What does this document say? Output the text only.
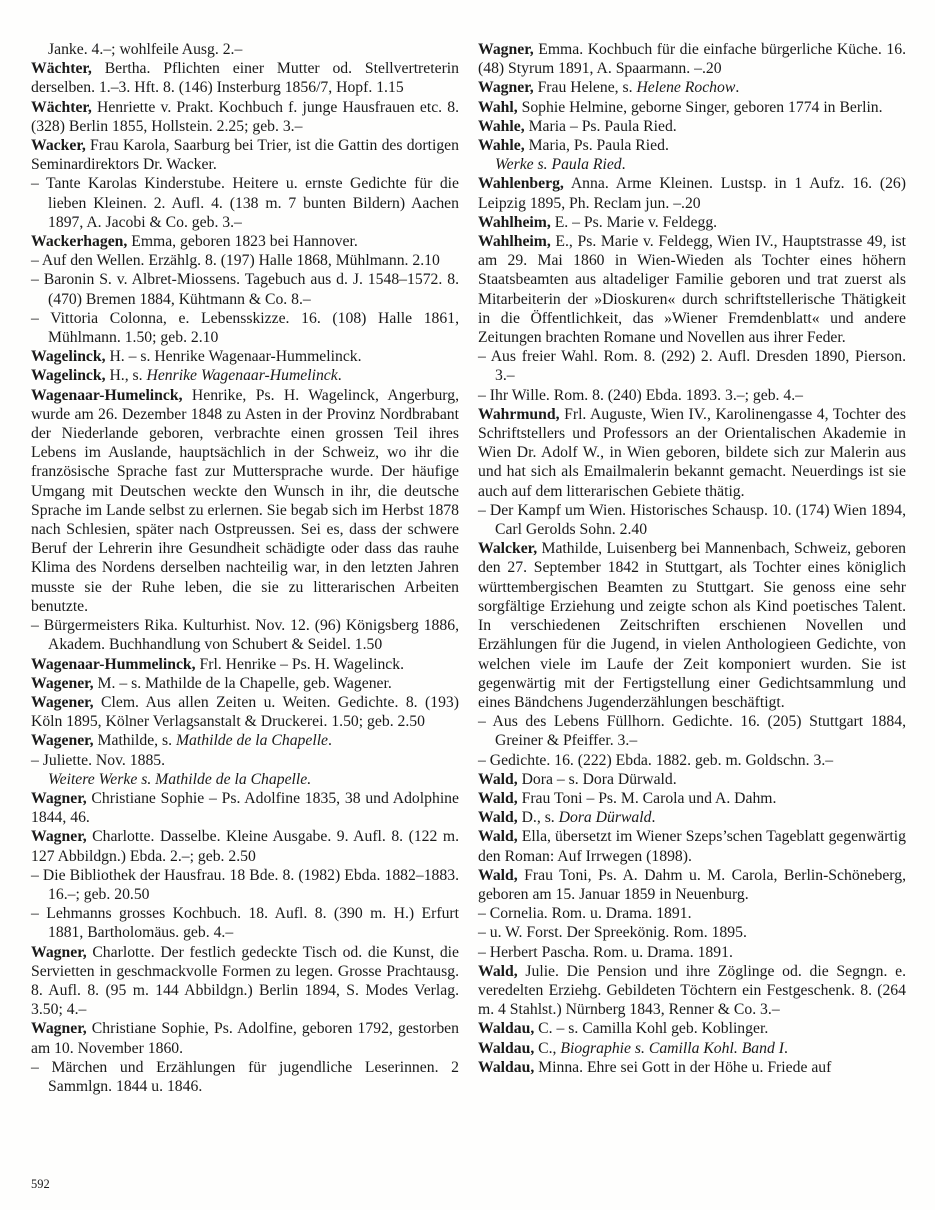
Janke. 4.–; wohlfeile Ausg. 2.–

Wächter, Bertha. Pflichten einer Mutter od. Stellvertreterin derselben. 1.–3. Hft. 8. (146) Insterburg 1856/7, Hopf. 1.15

Wächter, Henriette v. Prakt. Kochbuch f. junge Hausfrauen etc. 8. (328) Berlin 1855, Hollstein. 2.25; geb. 3.–

Wacker, Frau Karola, Saarburg bei Trier, ist die Gattin des dortigen Seminardirektors Dr. Wacker.

– Tante Karolas Kinderstube. Heitere u. ernste Gedichte für die lieben Kleinen. 2. Aufl. 4. (138 m. 7 bunten Bildern) Aachen 1897, A. Jacobi & Co. geb. 3.–

Wackerhagen, Emma, geboren 1823 bei Hannover.

– Auf den Wellen. Erzählg. 8. (197) Halle 1868, Mühlmann. 2.10

– Baronin S. v. Albret-Miossens. Tagebuch aus d. J. 1548–1572. 8. (470) Bremen 1884, Kühtmann & Co. 8.–

– Vittoria Colonna, e. Lebensskizze. 16. (108) Halle 1861, Mühlmann. 1.50; geb. 2.10

Wagelinck, H. – s. Henrike Wagenaar-Hummelinck.

Wagelinck, H., s. Henrike Wagenaar-Humelinck.

Wagenaar-Humelinck, Henrike, Ps. H. Wagelinck, Angerburg, wurde am 26. Dezember 1848 zu Asten in der Provinz Nordbrabant der Niederlande geboren, verbrachte einen grossen Teil ihres Lebens im Auslande, hauptsächlich in der Schweiz, wo ihr die französische Sprache fast zur Muttersprache wurde. Der häufige Umgang mit Deutschen weckte den Wunsch in ihr, die deutsche Sprache im Lande selbst zu erlernen. Sie begab sich im Herbst 1878 nach Schlesien, später nach Ostpreussen. Sei es, dass der schwere Beruf der Lehrerin ihre Gesundheit schädigte oder dass das rauhe Klima des Nordens derselben nachteilig war, in den letzten Jahren musste sie der Ruhe leben, die sie zu litterarischen Arbeiten benutzte.

– Bürgermeisters Rika. Kulturhist. Nov. 12. (96) Königsberg 1886, Akadem. Buchhandlung von Schubert & Seidel. 1.50

Wagenaar-Hummelinck, Frl. Henrike – Ps. H. Wagelinck.

Wagener, M. – s. Mathilde de la Chapelle, geb. Wagener.

Wagener, Clem. Aus allen Zeiten u. Weiten. Gedichte. 8. (193) Köln 1895, Kölner Verlagsanstalt & Druckerei. 1.50; geb. 2.50

Wagener, Mathilde, s. Mathilde de la Chapelle.

– Juliette. Nov. 1885.

Weitere Werke s. Mathilde de la Chapelle.

Wagner, Christiane Sophie – Ps. Adolfine 1835, 38 und Adolphine 1844, 46.

Wagner, Charlotte. Dasselbe. Kleine Ausgabe. 9. Aufl. 8. (122 m. 127 Abbildgn.) Ebda. 2.–; geb. 2.50

– Die Bibliothek der Hausfrau. 18 Bde. 8. (1982) Ebda. 1882–1883. 16.–; geb. 20.50

– Lehmanns grosses Kochbuch. 18. Aufl. 8. (390 m. H.) Erfurt 1881, Bartholomäus. geb. 4.–

Wagner, Charlotte. Der festlich gedeckte Tisch od. die Kunst, die Servietten in geschmackvolle Formen zu legen. Grosse Prachtausg. 8. Aufl. 8. (95 m. 144 Abbildgn.) Berlin 1894, S. Modes Verlag. 3.50; 4.–

Wagner, Christiane Sophie, Ps. Adolfine, geboren 1792, gestorben am 10. November 1860.

– Märchen und Erzählungen für jugendliche Leserinnen. 2 Sammlgn. 1844 u. 1846.

Wagner, Emma. Kochbuch für die einfache bürgerliche Küche. 16. (48) Styrum 1891, A. Spaarmann. –.20

Wagner, Frau Helene, s. Helene Rochow.

Wahl, Sophie Helmine, geborne Singer, geboren 1774 in Berlin.

Wahle, Maria – Ps. Paula Ried.

Wahle, Maria, Ps. Paula Ried.

Werke s. Paula Ried.

Wahlenberg, Anna. Arme Kleinen. Lustsp. in 1 Aufz. 16. (26) Leipzig 1895, Ph. Reclam jun. –.20

Wahlheim, E. – Ps. Marie v. Feldegg.

Wahlheim, E., Ps. Marie v. Feldegg, Wien IV., Hauptstrasse 49, ist am 29. Mai 1860 in Wien-Wieden als Tochter eines höhern Staatsbeamten aus altadeliger Familie geboren und trat zuerst als Mitarbeiterin der »Dioskuren« durch schriftstellerische Thätigkeit in die Öffentlichkeit, das »Wiener Fremdenblatt« und andere Zeitungen brachten Romane und Novellen aus ihrer Feder.

– Aus freier Wahl. Rom. 8. (292) 2. Aufl. Dresden 1890, Pierson. 3.–

– Ihr Wille. Rom. 8. (240) Ebda. 1893. 3.–; geb. 4.–

Wahrmund, Frl. Auguste, Wien IV., Karolinengasse 4, Tochter des Schriftstellers und Professors an der Orientalischen Akademie in Wien Dr. Adolf W., in Wien geboren, bildete sich zur Malerin aus und hat sich als Emailmalerin bekannt gemacht. Neuerdings ist sie auch auf dem litterarischen Gebiete thätig.

– Der Kampf um Wien. Historisches Schausp. 10. (174) Wien 1894, Carl Gerolds Sohn. 2.40

Walcker, Mathilde, Luisenberg bei Mannenbach, Schweiz, geboren den 27. September 1842 in Stuttgart, als Tochter eines königlich württembergischen Beamten zu Stuttgart. Sie genoss eine sehr sorgfältige Erziehung und zeigte schon als Kind poetisches Talent. In verschiedenen Zeitschriften erschienen Novellen und Erzählungen für die Jugend, in vielen Anthologieen Gedichte, von welchen viele im Laufe der Zeit komponiert wurden. Sie ist gegenwärtig mit der Fertigstellung einer Gedichtsammlung und eines Bändchens Jugenderzählungen beschäftigt.

– Aus des Lebens Füllhorn. Gedichte. 16. (205) Stuttgart 1884, Greiner & Pfeiffer. 3.–

– Gedichte. 16. (222) Ebda. 1882. geb. m. Goldschn. 3.–

Wald, Dora – s. Dora Dürwald.

Wald, Frau Toni – Ps. M. Carola und A. Dahm.

Wald, D., s. Dora Dürwald.

Wald, Ella, übersetzt im Wiener Szeps’schen Tageblatt gegenwärtig den Roman: Auf Irrwegen (1898).

Wald, Frau Toni, Ps. A. Dahm u. M. Carola, Berlin-Schöneberg, geboren am 15. Januar 1859 in Neuenburg.

– Cornelia. Rom. u. Drama. 1891.

– u. W. Forst. Der Spreekönig. Rom. 1895.

– Herbert Pascha. Rom. u. Drama. 1891.

Wald, Julie. Die Pension und ihre Zöglinge od. die Segngn. e. veredelten Erziehg. Gebildeten Töchtern ein Festgeschenk. 8. (264 m. 4 Stahlst.) Nürnberg 1843, Renner & Co. 3.–

Waldau, C. – s. Camilla Kohl geb. Koblinger.

Waldau, C., Biographie s. Camilla Kohl. Band I.

Waldau, Minna. Ehre sei Gott in der Höhe u. Friede auf

592
